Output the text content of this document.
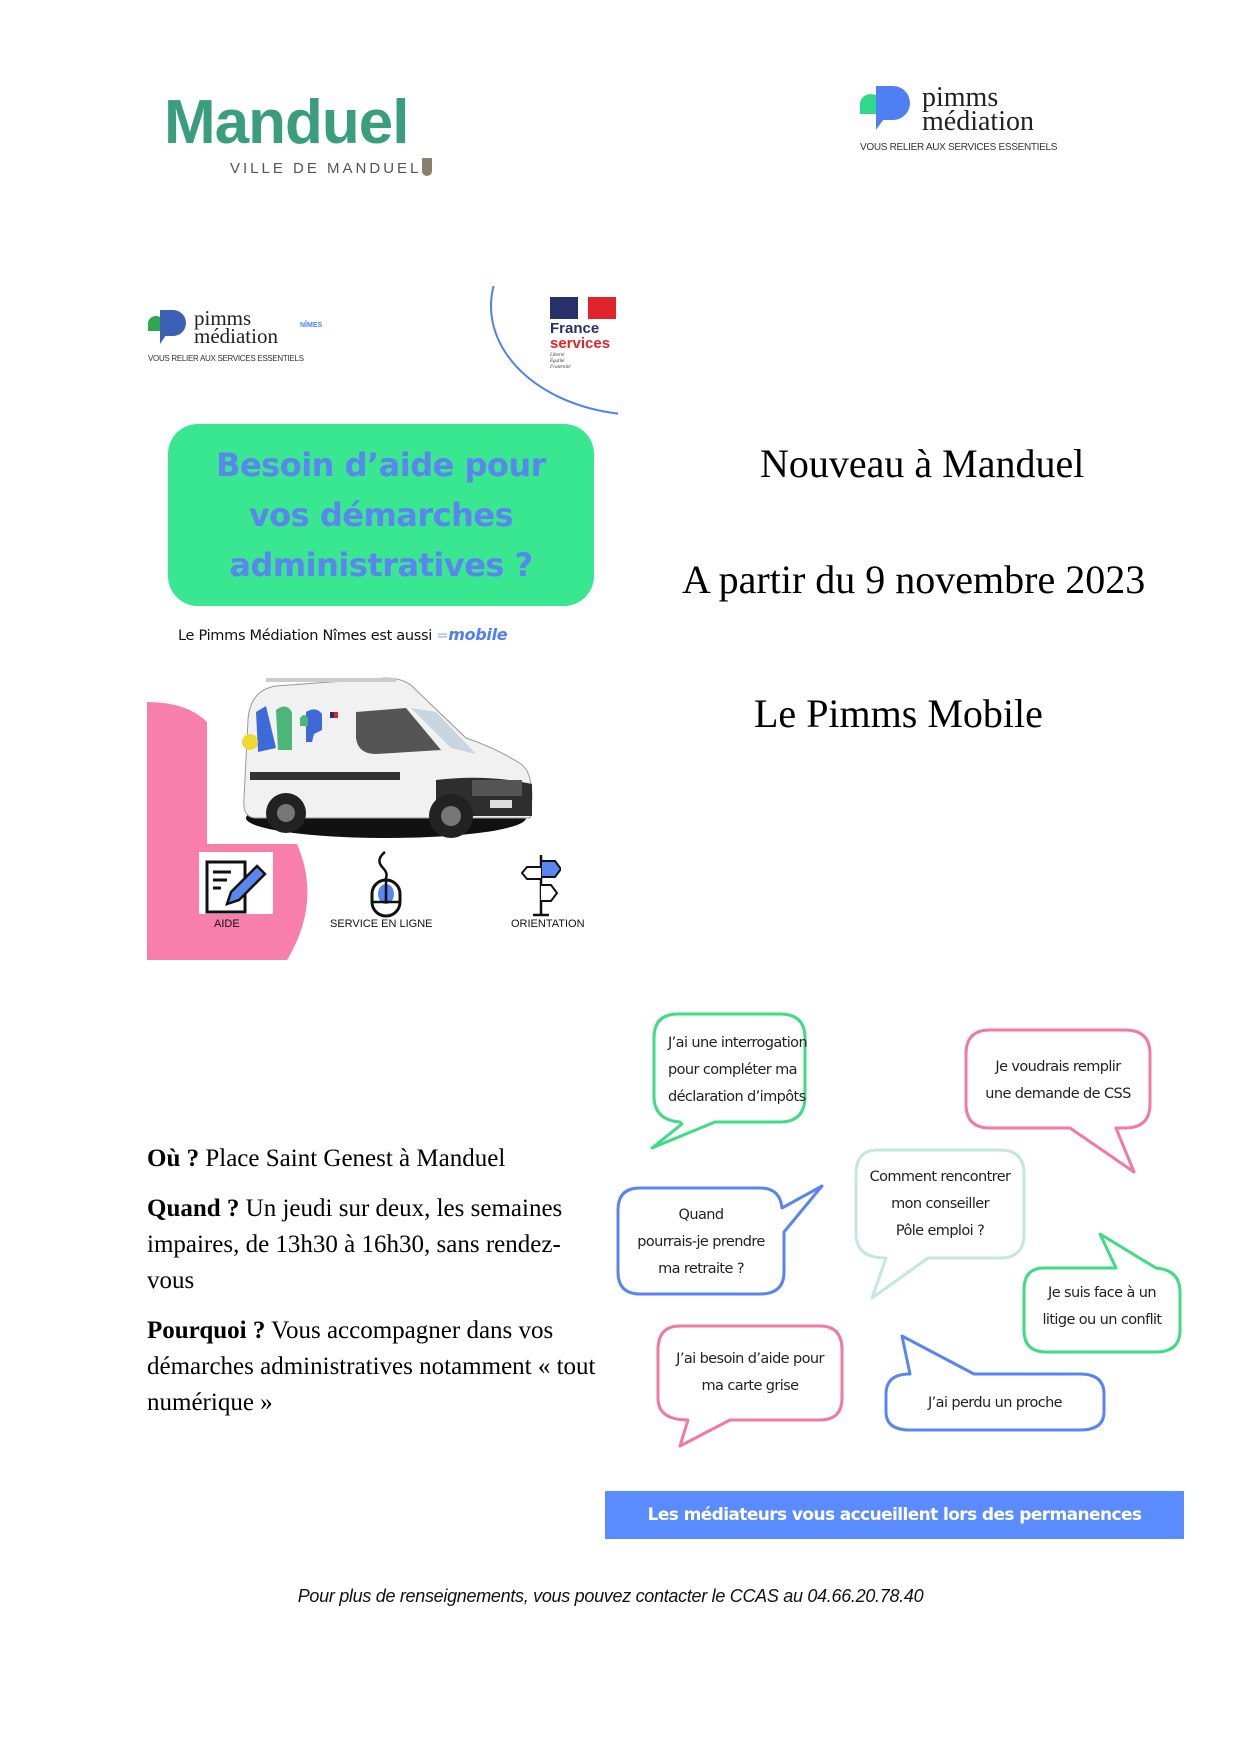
Manduel
VILLE DE MANDUEL
pimms
médiation
VOUS RELIER AUX SERVICES ESSENTIELS
pimms
médiation	NÎMES
VOUS RELIER AUX SERVICES ESSENTIELS
France
services
Liberté
Égalité
Fraternité
Besoin d’aide pour
vos démarches
administratives ?
Le Pimms Médiation Nîmes est aussi =mobile
AIDE	SERVICE EN LIGNE	ORIENTATION
Nouveau à Manduel
A partir du 9 novembre 2023
Le Pimms Mobile

Où ? Place Saint Genest à Manduel

Quand ? Un jeudi sur deux, les semaines impaires, de 13h30 à 16h30, sans rendez-vous

Pourquoi ? Vous accompagner dans vos démarches administratives notamment « tout numérique »

J’ai une interrogation
pour compléter ma
déclaration d’impôts
Je voudrais remplir
une demande de CSS
Comment rencontrer
mon conseiller
Pôle emploi ?
Quand
pourrais-je prendre
ma retraite ?
Je suis face à un
litige ou un conflit
J’ai besoin d’aide pour
ma carte grise
J’ai perdu un proche
Les médiateurs vous accueillent lors des permanences
Pour plus de renseignements, vous pouvez contacter le CCAS au 04.66.20.78.40
